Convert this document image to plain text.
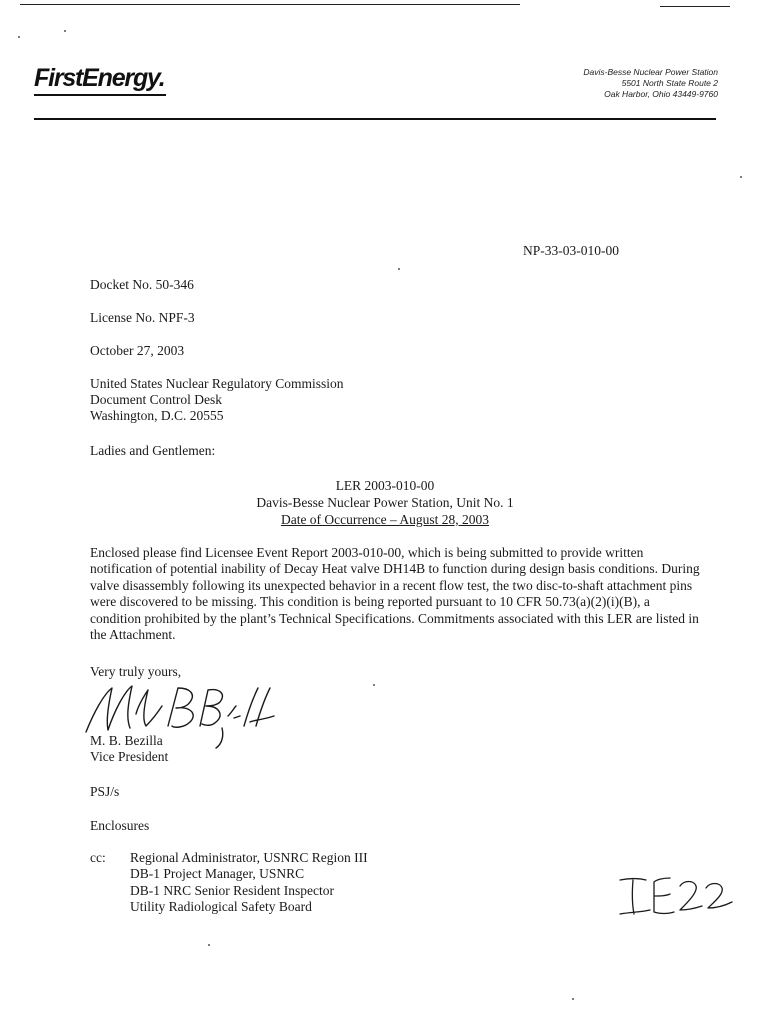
FirstEnergy.	Davis-Besse Nuclear Power Station
5501 North State Route 2
Oak Harbor, Ohio 43449-9760
NP-33-03-010-00
Docket No. 50-346
License No. NPF-3
October 27, 2003
United States Nuclear Regulatory Commission
Document Control Desk
Washington, D.C. 20555
Ladies and Gentlemen:
LER 2003-010-00
Davis-Besse Nuclear Power Station, Unit No. 1
Date of Occurrence – August 28, 2003
Enclosed please find Licensee Event Report 2003-010-00, which is being submitted to provide written notification of potential inability of Decay Heat valve DH14B to function during design basis conditions. During valve disassembly following its unexpected behavior in a recent flow test, the two disc-to-shaft attachment pins were discovered to be missing. This condition is being reported pursuant to 10 CFR 50.73(a)(2)(i)(B), a condition prohibited by the plant’s Technical Specifications. Commitments associated with this LER are listed in the Attachment.
Very truly yours,
M. B. Bezilla
Vice President
PSJ/s
Enclosures
cc: Regional Administrator, USNRC Region III
DB-1 Project Manager, USNRC
DB-1 NRC Senior Resident Inspector
Utility Radiological Safety Board
